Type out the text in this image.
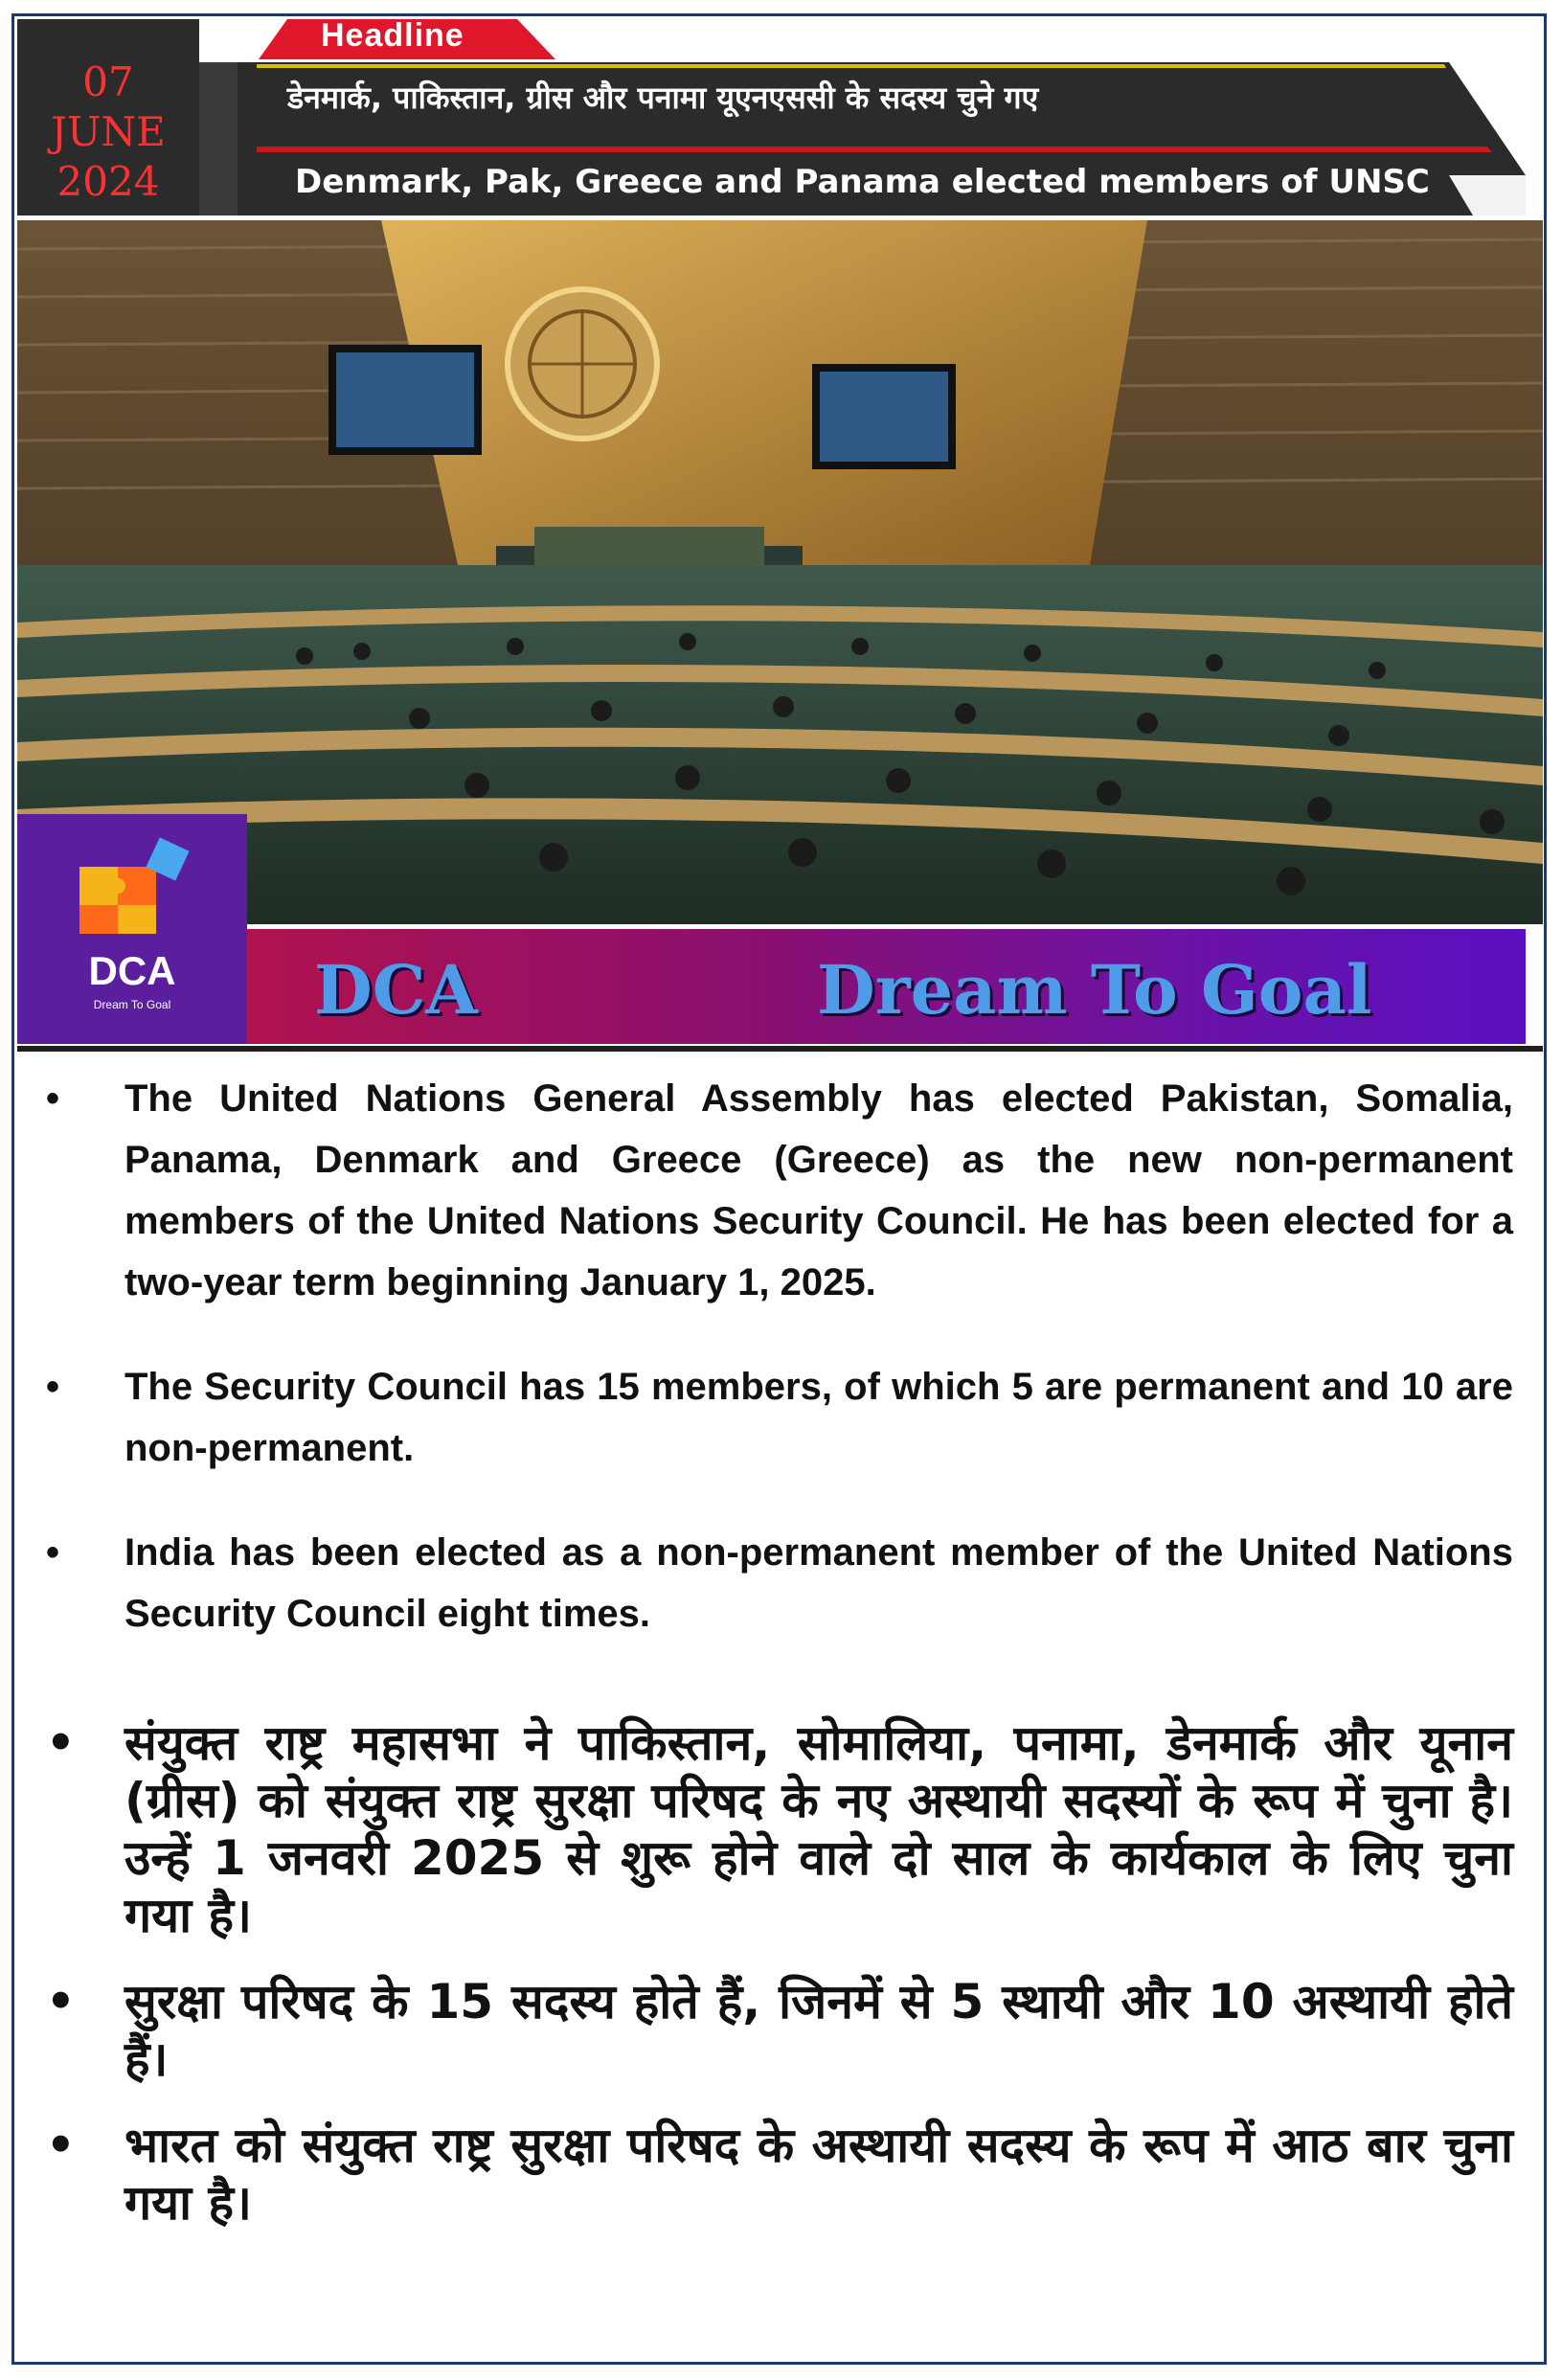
07
JUNE
2024
Headline
डेनमार्क, पाकिस्तान, ग्रीस और पनामा यूएनएससी के सदस्य चुने गए
Denmark, Pak, Greece and Panama elected members of UNSC
DCA
Dream To Goal	DCA	Dream To Goal
• The United Nations General Assembly has elected Pakistan, Somalia, Panama, Denmark and Greece (Greece) as the new non-permanent members of the United Nations Security Council. He has been elected for a two-year term beginning January 1, 2025.
• The Security Council has 15 members, of which 5 are permanent and 10 are non-permanent.
• India has been elected as a non-permanent member of the United Nations Security Council eight times.
• संयुक्त राष्ट्र महासभा ने पाकिस्तान, सोमालिया, पनामा, डेनमार्क और यूनान (ग्रीस) को संयुक्त राष्ट्र सुरक्षा परिषद के नए अस्थायी सदस्यों के रूप में चुना है। उन्हें 1 जनवरी 2025 से शुरू होने वाले दो साल के कार्यकाल के लिए चुना गया है।
• सुरक्षा परिषद के 15 सदस्य होते हैं, जिनमें से 5 स्थायी और 10 अस्थायी होते हैं।
• भारत को संयुक्त राष्ट्र सुरक्षा परिषद के अस्थायी सदस्य के रूप में आठ बार चुना गया है।
